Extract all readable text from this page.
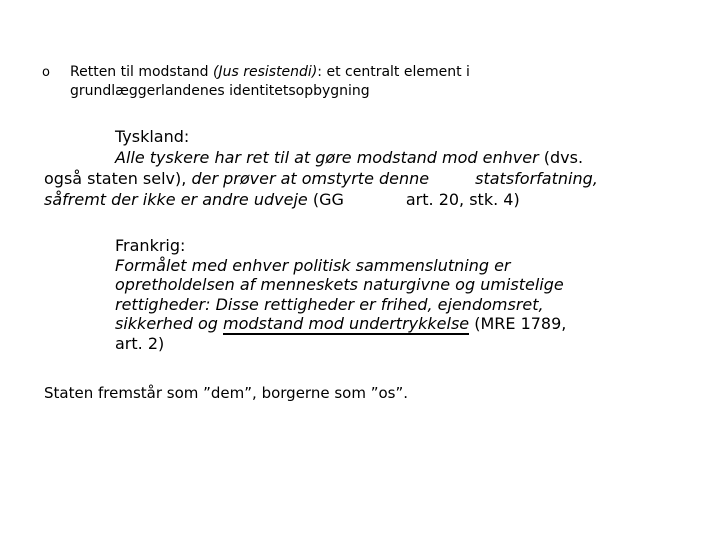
o Retten til modstand (Jus resistendi): et centralt element i
grundlæggerlandenes identitetsopbygning
Tyskland:
Alle tyskere har ret til at gøre modstand mod enhver (dvs.
også staten selv), der prøver at omstyrte denne	statsforfatning,
såfremt der ikke er andre udveje (GG	art. 20, stk. 4)
Frankrig:
Formålet med enhver politisk sammenslutning er
opretholdelsen af menneskets naturgivne og umistelige
rettigheder: Disse rettigheder er frihed, ejendomsret,
sikkerhed og modstand mod undertrykkelse (MRE 1789,
art. 2)
Staten fremstår som ”dem”, borgerne som ”os”.
